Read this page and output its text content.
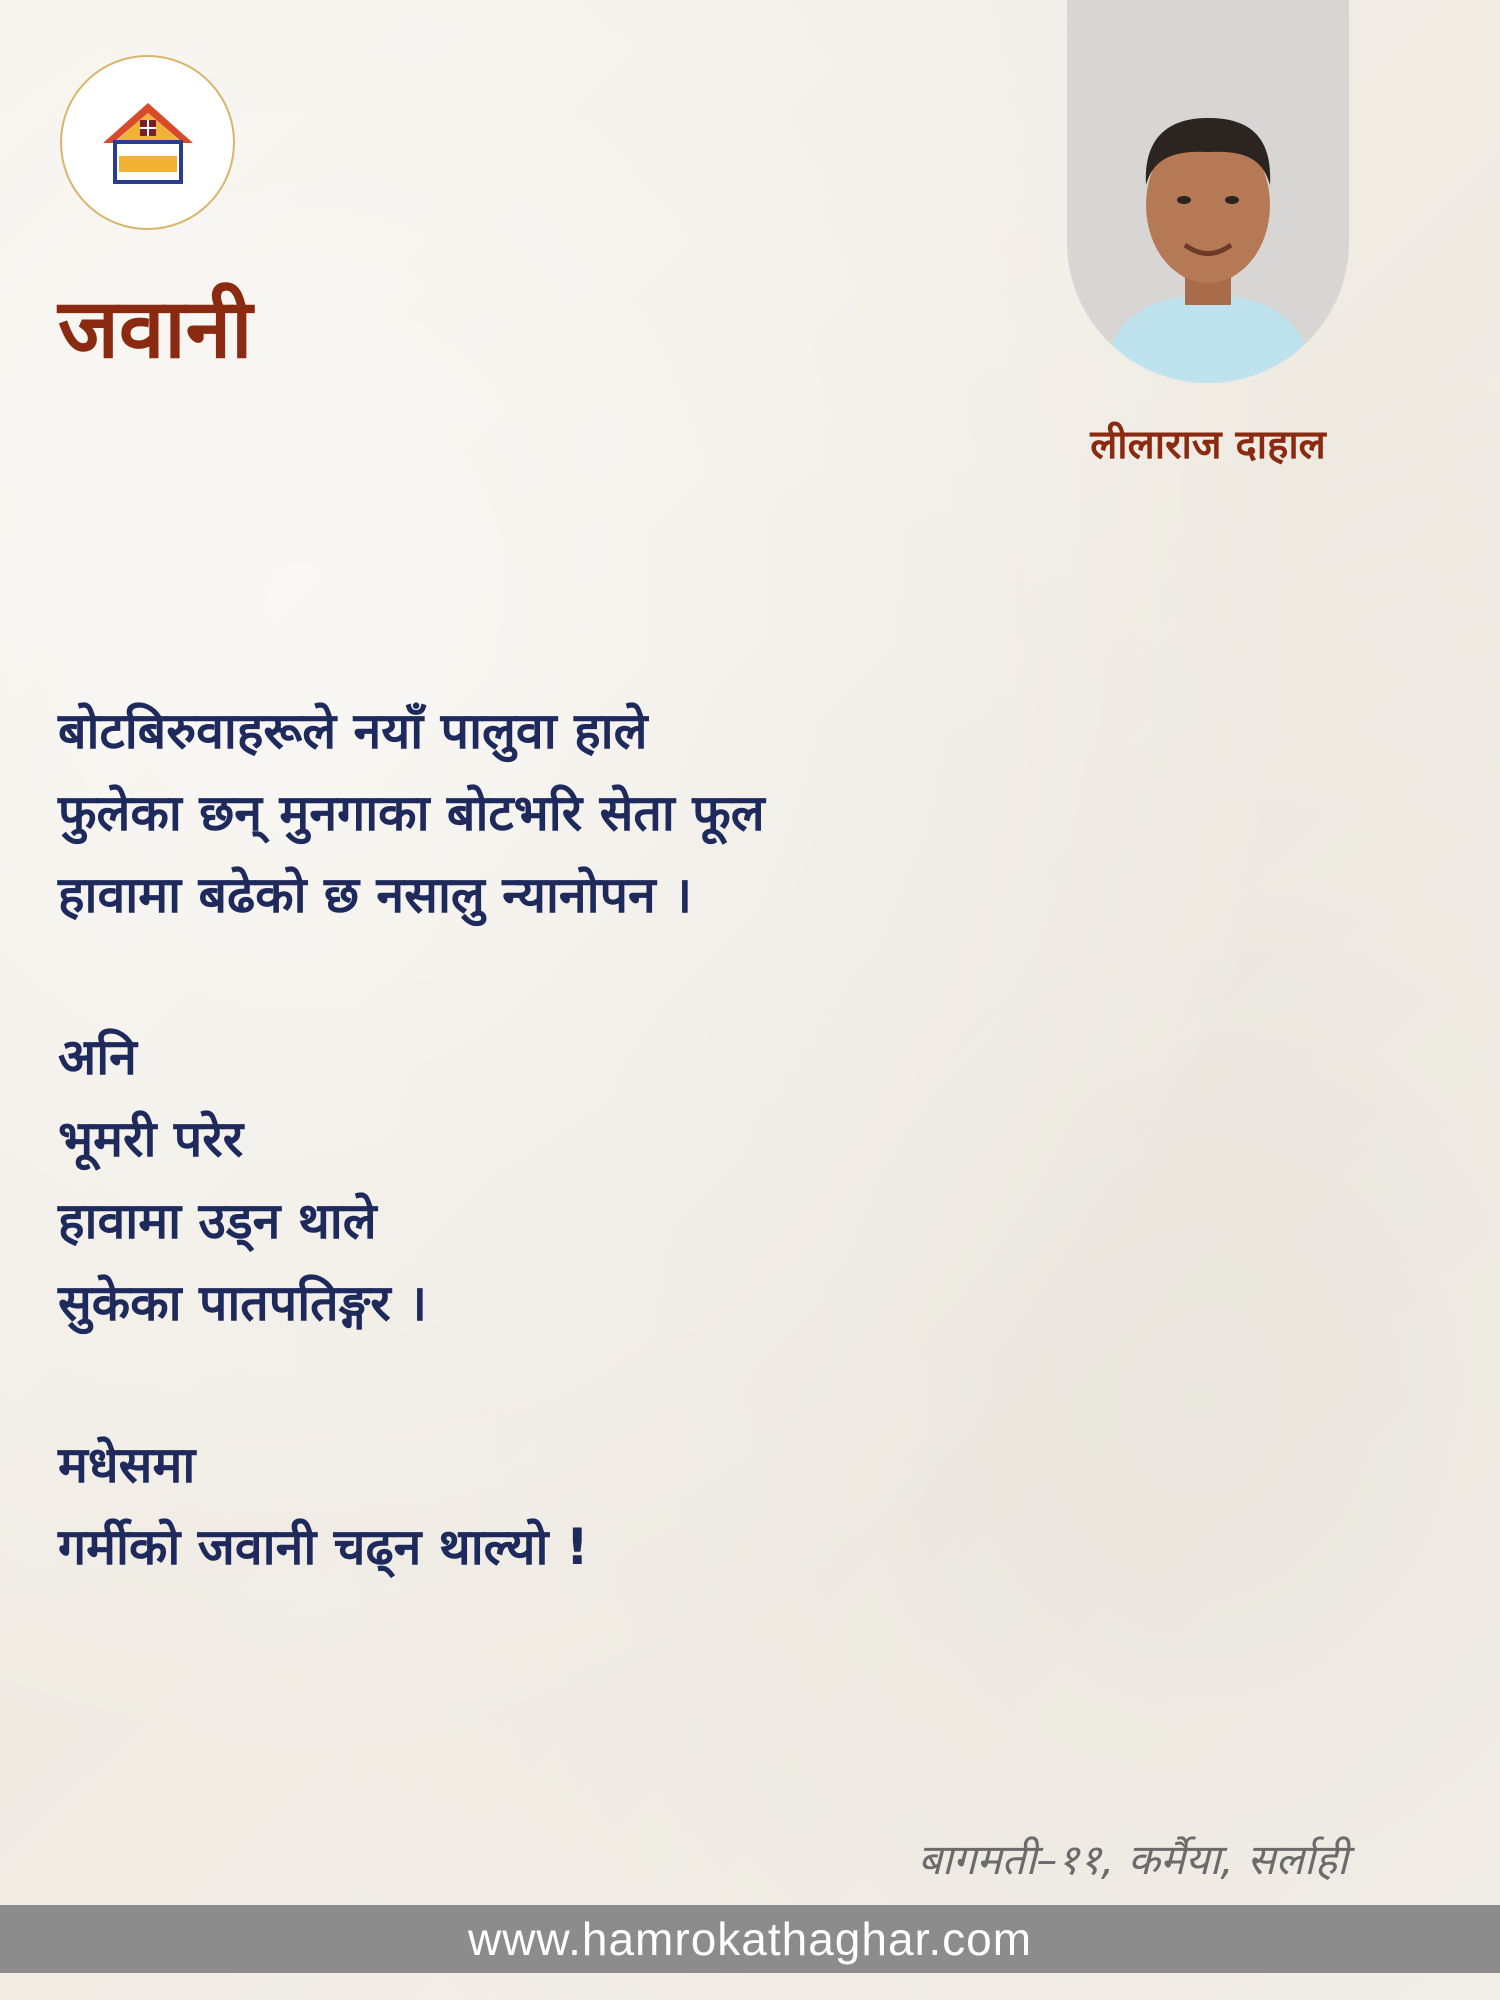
जवानी
लीलाराज दाहाल
बोटबिरुवाहरूले नयाँ पालुवा हाले
फुलेका छन् मुनगाका बोटभरि सेता फूल
हावामा बढेको छ नसालु न्यानोपन ।
अनि
भूमरी परेर
हावामा उड्न थाले
सुकेका पातपतिङ्गर ।
मधेसमा
गर्मीको जवानी चढ्न थाल्यो !
बागमती–११, कर्मैया, सर्लाही
www.hamrokathaghar.com
